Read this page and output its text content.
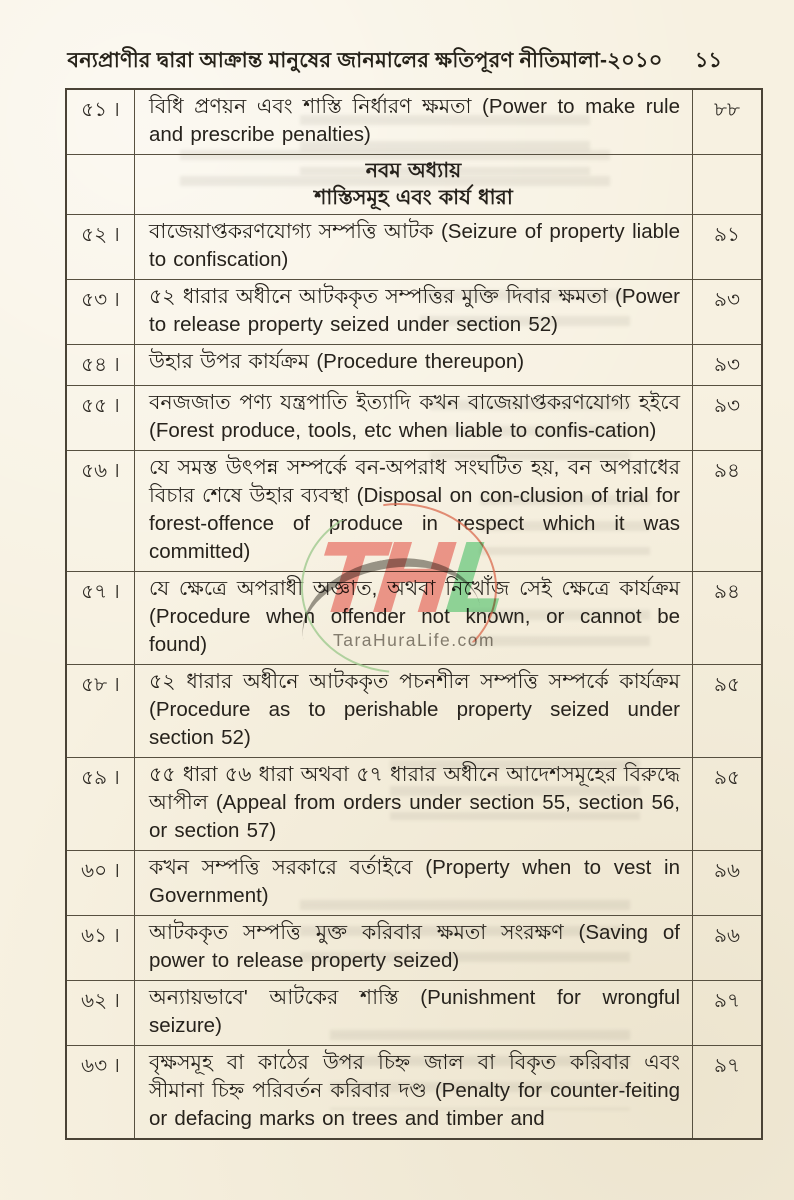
বন্যপ্রাণীর দ্বারা আক্রান্ত মানুষের জানমালের ক্ষতিপূরণ নীতিমালা-২০১০ ১১
৫১ ।	বিধি প্রণয়ন এবং শাস্তি নির্ধারণ ক্ষমতা (Power to make rule and prescribe penalties)	৮৮

	নবম অধ্যায়
শাস্তিসমূহ এবং কার্য ধারা	

৫২ ।	বাজেয়াপ্তকরণযোগ্য সম্পত্তি আটক (Seizure of property liable to confiscation)	৯১
৫৩ ।	৫২ ধারার অধীনে আটককৃত সম্পত্তির মুক্তি দিবার ক্ষমতা (Power to release property seized under section 52)	৯৩
৫৪ ।	উহার উপর কার্যক্রম (Procedure thereupon)	৯৩
৫৫ ।	বনজজাত পণ্য যন্ত্রপাতি ইত্যাদি কখন বাজেয়াপ্তকরণযোগ্য হইবে (Forest produce, tools, etc when liable to confis-cation)	৯৩
৫৬ ।	যে সমস্ত উৎপন্ন সম্পর্কে বন-অপরাধ সংঘটিত হয়, বন অপরাধের বিচার শেষে উহার ব্যবস্থা (Disposal on con-clusion of trial for forest-offence of produce in respect which it was committed)	৯৪
৫৭ ।	যে ক্ষেত্রে অপরাধী অজ্ঞাত, অথবা নিখোঁজ সেই ক্ষেত্রে কার্যক্রম (Procedure when offender not known, or cannot be found)	৯৪
৫৮ ।	৫২ ধারার অধীনে আটককৃত পচনশীল সম্পত্তি সম্পর্কে কার্যক্রম (Procedure as to perishable property seized under section 52)	৯৫
৫৯ ।	৫৫ ধারা ৫৬ ধারা অথবা ৫৭ ধারার অধীনে আদেশসমূহের বিরুদ্ধে আপীল (Appeal from orders under section 55, section 56, or section 57)	৯৫
৬০ ।	কখন সম্পত্তি সরকারে বর্তাইবে (Property when to vest in Government)	৯৬
৬১ ।	আটককৃত সম্পত্তি মুক্ত করিবার ক্ষমতা সংরক্ষণ (Saving of power to release property seized)	৯৬
৬২ ।	অন্যায়ভাবে' আটকের শাস্তি (Punishment for wrongful seizure)	৯৭
৬৩ ।	বৃক্ষসমূহ বা কাঠের উপর চিহ্ন জাল বা বিকৃত করিবার এবং সীমানা চিহ্ন পরিবর্তন করিবার দণ্ড (Penalty for counter-feiting or defacing marks on trees and timber and	৯৭
THL
TaraHuraLife.com
